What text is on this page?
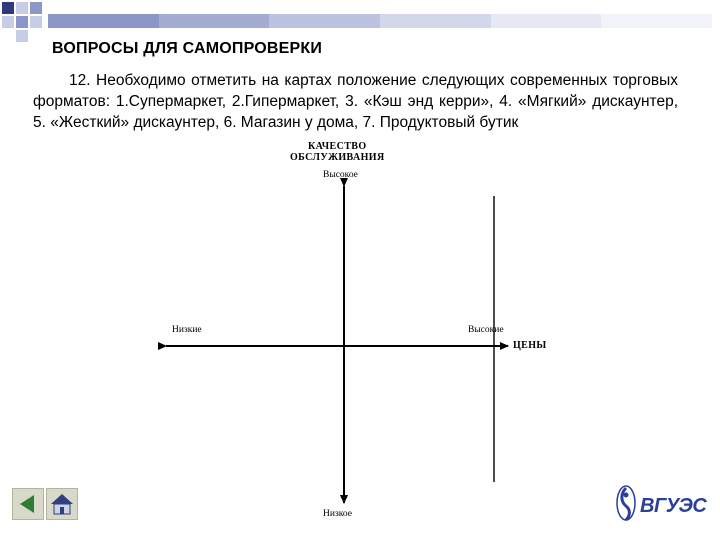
ВОПРОСЫ ДЛЯ САМОПРОВЕРКИ
12. Необходимо отметить на картах положение следующих современных торговых форматов: 1.Супермаркет, 2.Гипермаркет, 3. «Кэш энд керри», 4. «Мягкий» дискаунтер, 5. «Жесткий» дискаунтер, 6. Магазин у дома, 7. Продуктовый бутик
КАЧЕСТВО
ОБСЛУЖИВАНИЯ
Высокое
Низкое
Низкие	Высокие
ЦЕНЫ
ВГУЭС
